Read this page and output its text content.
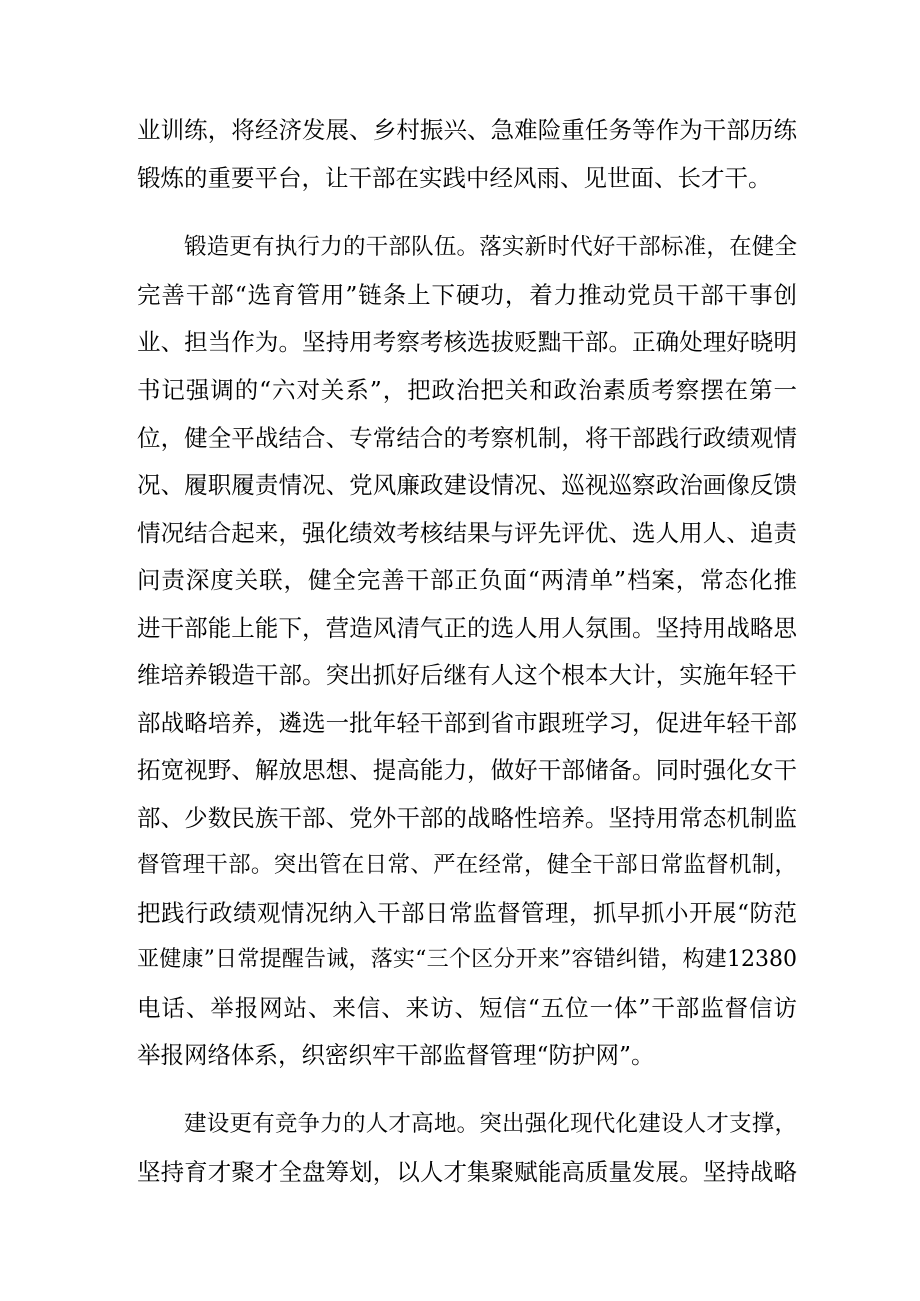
业训练，将经济发展、乡村振兴、急难险重任务等作为干部历练
锻炼的重要平台，让干部在实践中经风雨、见世面、长才干。
锻造更有执行力的干部队伍。落实新时代好干部标准，在健全
完善干部“选育管用”链条上下硬功，着力推动党员干部干事创
业、担当作为。坚持用考察考核选拔贬黜干部。正确处理好晓明
书记强调的“六对关系”，把政治把关和政治素质考察摆在第一
位，健全平战结合、专常结合的考察机制，将干部践行政绩观情
况、履职履责情况、党风廉政建设情况、巡视巡察政治画像反馈
情况结合起来，强化绩效考核结果与评先评优、选人用人、追责
问责深度关联，健全完善干部正负面“两清单”档案，常态化推
进干部能上能下，营造风清气正的选人用人氛围。坚持用战略思
维培养锻造干部。突出抓好后继有人这个根本大计，实施年轻干
部战略培养，遴选一批年轻干部到省市跟班学习，促进年轻干部
拓宽视野、解放思想、提高能力，做好干部储备。同时强化女干
部、少数民族干部、党外干部的战略性培养。坚持用常态机制监
督管理干部。突出管在日常、严在经常，健全干部日常监督机制，
把践行政绩观情况纳入干部日常监督管理，抓早抓小开展“防范
亚健康”日常提醒告诫，落实“三个区分开来”容错纠错，构建12380
电话、举报网站、来信、来访、短信“五位一体”干部监督信访
举报网络体系，织密织牢干部监督管理“防护网”。
建设更有竞争力的人才高地。突出强化现代化建设人才支撑，
坚持育才聚才全盘筹划，以人才集聚赋能高质量发展。坚持战略
